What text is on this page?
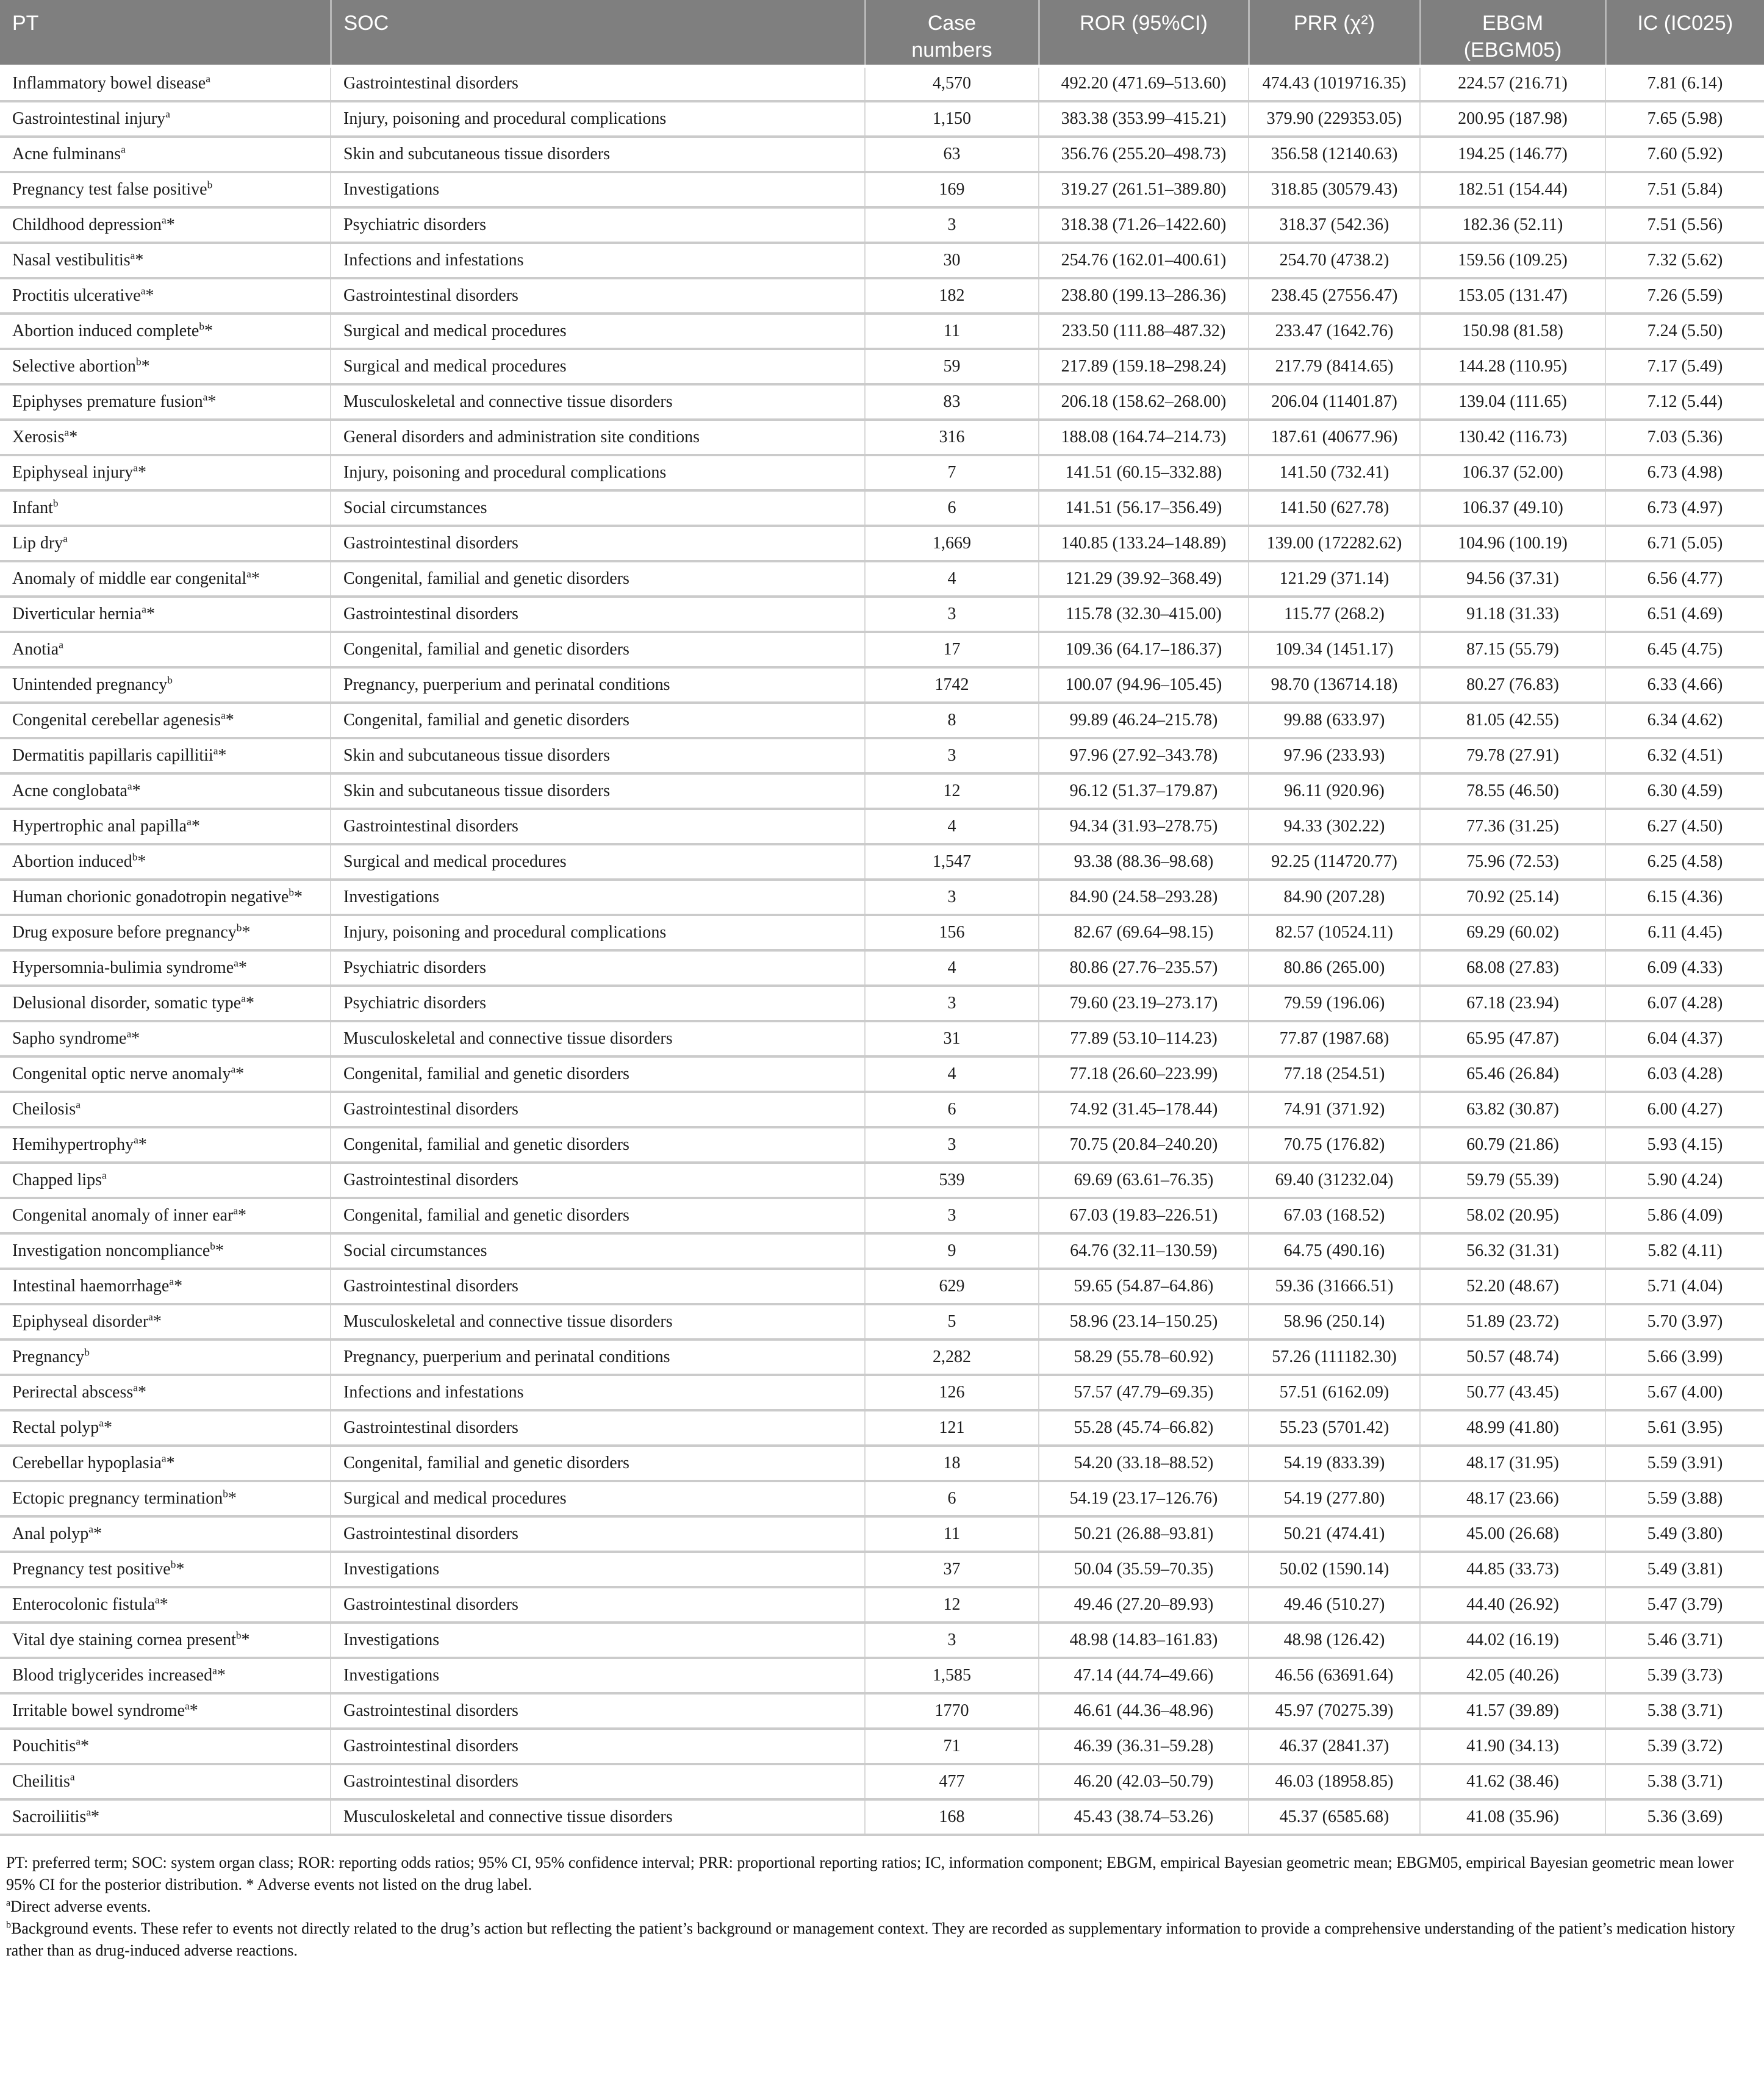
PT	SOC	Case numbers	ROR (95%CI)	PRR (χ²)	EBGM (EBGM05)	IC (IC025)
Inflammatory bowel disease$^a$	Gastrointestinal disorders	4,570	492.20 (471.69–513.60)	474.43 (1019716.35)	224.57 (216.71)	7.81 (6.14)
Gastrointestinal injury$^a$	Injury, poisoning and procedural complications	1,150	383.38 (353.99–415.21)	379.90 (229353.05)	200.95 (187.98)	7.65 (5.98)
Acne fulminans$^a$	Skin and subcutaneous tissue disorders	63	356.76 (255.20–498.73)	356.58 (12140.63)	194.25 (146.77)	7.60 (5.92)
Pregnancy test false positive$^b$	Investigations	169	319.27 (261.51–389.80)	318.85 (30579.43)	182.51 (154.44)	7.51 (5.84)
Childhood depression$^a$*	Psychiatric disorders	3	318.38 (71.26–1422.60)	318.37 (542.36)	182.36 (52.11)	7.51 (5.56)
Nasal vestibulitis$^a$*	Infections and infestations	30	254.76 (162.01–400.61)	254.70 (4738.2)	159.56 (109.25)	7.32 (5.62)
Proctitis ulcerative$^a$*	Gastrointestinal disorders	182	238.80 (199.13–286.36)	238.45 (27556.47)	153.05 (131.47)	7.26 (5.59)
Abortion induced complete$^b$*	Surgical and medical procedures	11	233.50 (111.88–487.32)	233.47 (1642.76)	150.98 (81.58)	7.24 (5.50)
Selective abortion$^b$*	Surgical and medical procedures	59	217.89 (159.18–298.24)	217.79 (8414.65)	144.28 (110.95)	7.17 (5.49)
Epiphyses premature fusion$^a$*	Musculoskeletal and connective tissue disorders	83	206.18 (158.62–268.00)	206.04 (11401.87)	139.04 (111.65)	7.12 (5.44)
Xerosis$^a$*	General disorders and administration site conditions	316	188.08 (164.74–214.73)	187.61 (40677.96)	130.42 (116.73)	7.03 (5.36)
Epiphyseal injury$^a$*	Injury, poisoning and procedural complications	7	141.51 (60.15–332.88)	141.50 (732.41)	106.37 (52.00)	6.73 (4.98)
Infant$^b$	Social circumstances	6	141.51 (56.17–356.49)	141.50 (627.78)	106.37 (49.10)	6.73 (4.97)
Lip dry$^a$	Gastrointestinal disorders	1,669	140.85 (133.24–148.89)	139.00 (172282.62)	104.96 (100.19)	6.71 (5.05)
Anomaly of middle ear congenital$^a$*	Congenital, familial and genetic disorders	4	121.29 (39.92–368.49)	121.29 (371.14)	94.56 (37.31)	6.56 (4.77)
Diverticular hernia$^a$*	Gastrointestinal disorders	3	115.78 (32.30–415.00)	115.77 (268.2)	91.18 (31.33)	6.51 (4.69)
Anotia$^a$	Congenital, familial and genetic disorders	17	109.36 (64.17–186.37)	109.34 (1451.17)	87.15 (55.79)	6.45 (4.75)
Unintended pregnancy$^b$	Pregnancy, puerperium and perinatal conditions	1742	100.07 (94.96–105.45)	98.70 (136714.18)	80.27 (76.83)	6.33 (4.66)
Congenital cerebellar agenesis$^a$*	Congenital, familial and genetic disorders	8	99.89 (46.24–215.78)	99.88 (633.97)	81.05 (42.55)	6.34 (4.62)
Dermatitis papillaris capillitii$^a$*	Skin and subcutaneous tissue disorders	3	97.96 (27.92–343.78)	97.96 (233.93)	79.78 (27.91)	6.32 (4.51)
Acne conglobata$^a$*	Skin and subcutaneous tissue disorders	12	96.12 (51.37–179.87)	96.11 (920.96)	78.55 (46.50)	6.30 (4.59)
Hypertrophic anal papilla$^a$*	Gastrointestinal disorders	4	94.34 (31.93–278.75)	94.33 (302.22)	77.36 (31.25)	6.27 (4.50)
Abortion induced$^b$*	Surgical and medical procedures	1,547	93.38 (88.36–98.68)	92.25 (114720.77)	75.96 (72.53)	6.25 (4.58)
Human chorionic gonadotropin negative$^b$*	Investigations	3	84.90 (24.58–293.28)	84.90 (207.28)	70.92 (25.14)	6.15 (4.36)
Drug exposure before pregnancy$^b$*	Injury, poisoning and procedural complications	156	82.67 (69.64–98.15)	82.57 (10524.11)	69.29 (60.02)	6.11 (4.45)
Hypersomnia-bulimia syndrome$^a$*	Psychiatric disorders	4	80.86 (27.76–235.57)	80.86 (265.00)	68.08 (27.83)	6.09 (4.33)
Delusional disorder, somatic type$^a$*	Psychiatric disorders	3	79.60 (23.19–273.17)	79.59 (196.06)	67.18 (23.94)	6.07 (4.28)
Sapho syndrome$^a$*	Musculoskeletal and connective tissue disorders	31	77.89 (53.10–114.23)	77.87 (1987.68)	65.95 (47.87)	6.04 (4.37)
Congenital optic nerve anomaly$^a$*	Congenital, familial and genetic disorders	4	77.18 (26.60–223.99)	77.18 (254.51)	65.46 (26.84)	6.03 (4.28)
Cheilosis$^a$	Gastrointestinal disorders	6	74.92 (31.45–178.44)	74.91 (371.92)	63.82 (30.87)	6.00 (4.27)
Hemihypertrophy$^a$*	Congenital, familial and genetic disorders	3	70.75 (20.84–240.20)	70.75 (176.82)	60.79 (21.86)	5.93 (4.15)
Chapped lips$^a$	Gastrointestinal disorders	539	69.69 (63.61–76.35)	69.40 (31232.04)	59.79 (55.39)	5.90 (4.24)
Congenital anomaly of inner ear$^a$*	Congenital, familial and genetic disorders	3	67.03 (19.83–226.51)	67.03 (168.52)	58.02 (20.95)	5.86 (4.09)
Investigation noncompliance$^b$*	Social circumstances	9	64.76 (32.11–130.59)	64.75 (490.16)	56.32 (31.31)	5.82 (4.11)
Intestinal haemorrhage$^a$*	Gastrointestinal disorders	629	59.65 (54.87–64.86)	59.36 (31666.51)	52.20 (48.67)	5.71 (4.04)
Epiphyseal disorder$^a$*	Musculoskeletal and connective tissue disorders	5	58.96 (23.14–150.25)	58.96 (250.14)	51.89 (23.72)	5.70 (3.97)
Pregnancy$^b$	Pregnancy, puerperium and perinatal conditions	2,282	58.29 (55.78–60.92)	57.26 (111182.30)	50.57 (48.74)	5.66 (3.99)
Perirectal abscess$^a$*	Infections and infestations	126	57.57 (47.79–69.35)	57.51 (6162.09)	50.77 (43.45)	5.67 (4.00)
Rectal polyp$^a$*	Gastrointestinal disorders	121	55.28 (45.74–66.82)	55.23 (5701.42)	48.99 (41.80)	5.61 (3.95)
Cerebellar hypoplasia$^a$*	Congenital, familial and genetic disorders	18	54.20 (33.18–88.52)	54.19 (833.39)	48.17 (31.95)	5.59 (3.91)
Ectopic pregnancy termination$^b$*	Surgical and medical procedures	6	54.19 (23.17–126.76)	54.19 (277.80)	48.17 (23.66)	5.59 (3.88)
Anal polyp$^a$*	Gastrointestinal disorders	11	50.21 (26.88–93.81)	50.21 (474.41)	45.00 (26.68)	5.49 (3.80)
Pregnancy test positive$^b$*	Investigations	37	50.04 (35.59–70.35)	50.02 (1590.14)	44.85 (33.73)	5.49 (3.81)
Enterocolonic fistula$^a$*	Gastrointestinal disorders	12	49.46 (27.20–89.93)	49.46 (510.27)	44.40 (26.92)	5.47 (3.79)
Vital dye staining cornea present$^b$*	Investigations	3	48.98 (14.83–161.83)	48.98 (126.42)	44.02 (16.19)	5.46 (3.71)
Blood triglycerides increased$^a$*	Investigations	1,585	47.14 (44.74–49.66)	46.56 (63691.64)	42.05 (40.26)	5.39 (3.73)
Irritable bowel syndrome$^a$*	Gastrointestinal disorders	1770	46.61 (44.36–48.96)	45.97 (70275.39)	41.57 (39.89)	5.38 (3.71)
Pouchitis$^a$*	Gastrointestinal disorders	71	46.39 (36.31–59.28)	46.37 (2841.37)	41.90 (34.13)	5.39 (3.72)
Cheilitis$^a$	Gastrointestinal disorders	477	46.20 (42.03–50.79)	46.03 (18958.85)	41.62 (38.46)	5.38 (3.71)
Sacroiliitis$^a$*	Musculoskeletal and connective tissue disorders	168	45.43 (38.74–53.26)	45.37 (6585.68)	41.08 (35.96)	5.36 (3.69)

PT: preferred term; SOC: system organ class; ROR: reporting odds ratios; 95% CI, 95% confidence interval; PRR: proportional reporting ratios; IC, information component; EBGM, empirical Bayesian geometric mean; EBGM05, empirical Bayesian geometric mean lower 95% CI for the posterior distribution. * Adverse events not listed on the drug label.

$^a$Direct adverse events.

$^b$Background events. These refer to events not directly related to the drug’s action but reflecting the patient’s background or management context. They are recorded as supplementary information to provide a comprehensive understanding of the patient’s medication history rather than as drug-induced adverse reactions.
